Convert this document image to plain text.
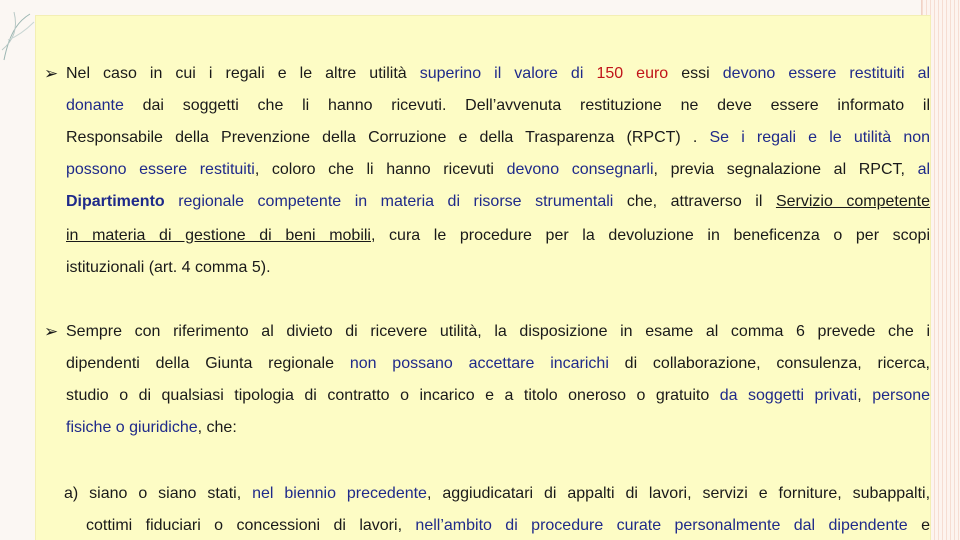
➢ Nel caso in cui i regali e le altre utilità superino il valore di 150 euro essi devono essere restituiti al
donante dai soggetti che li hanno ricevuti. Dell’avvenuta restituzione ne deve essere informato il
Responsabile della Prevenzione della Corruzione e della Trasparenza (RPCT) . Se i regali e le utilità non
possono essere restituiti, coloro che li hanno ricevuti devono consegnarli, previa segnalazione al RPCT, al
Dipartimento regionale competente in materia di risorse strumentali che, attraverso il Servizio competente
in materia di gestione di beni mobili, cura le procedure per la devoluzione in beneficenza o per scopi
istituzionali (art. 4 comma 5).
➢ Sempre con riferimento al divieto di ricevere utilità, la disposizione in esame al comma 6 prevede che i
dipendenti della Giunta regionale non possano accettare incarichi di collaborazione, consulenza, ricerca,
studio o di qualsiasi tipologia di contratto o incarico e a titolo oneroso o gratuito da soggetti privati, persone
fisiche o giuridiche, che:
a) siano o siano stati, nel biennio precedente, aggiudicatari di appalti di lavori, servizi e forniture, subappalti,
cottimi fiduciari o concessioni di lavori, nell’ambito di procedure curate personalmente dal dipendente e
